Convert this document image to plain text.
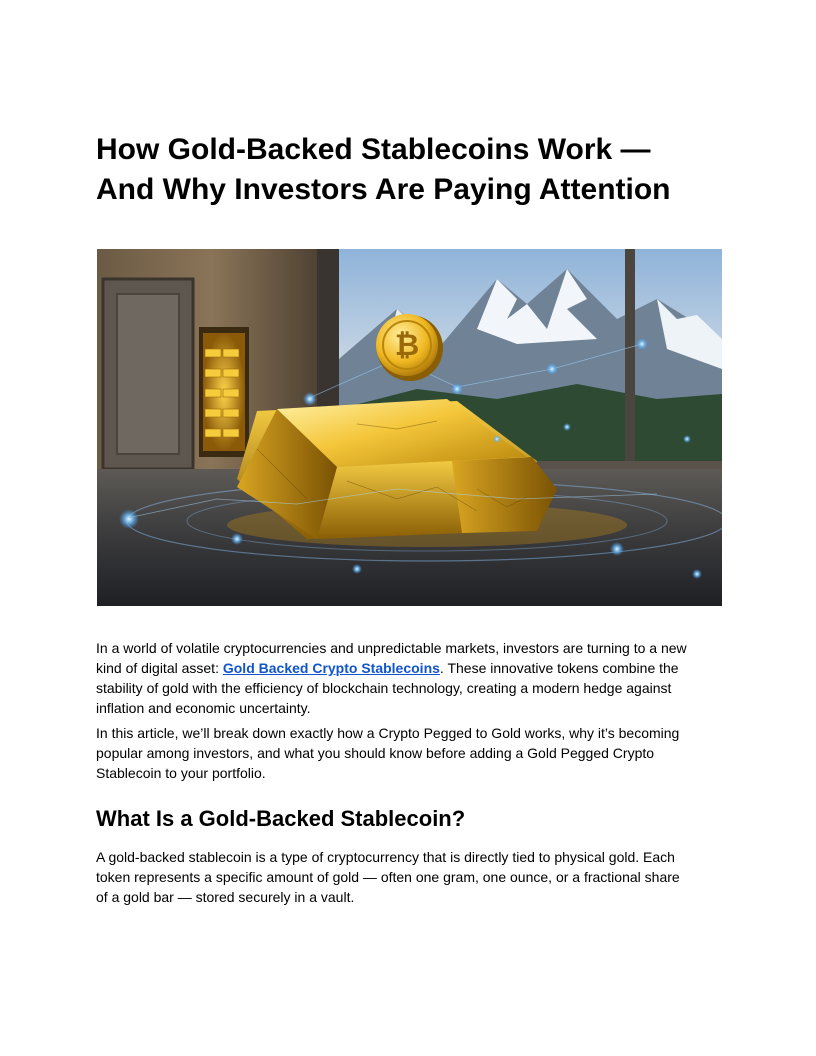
How Gold-Backed Stablecoins Work —
And Why Investors Are Paying Attention
₿

In a world of volatile cryptocurrencies and unpredictable markets, investors are turning to a new
kind of digital asset: Gold Backed Crypto Stablecoins. These innovative tokens combine the
stability of gold with the efficiency of blockchain technology, creating a modern hedge against
inflation and economic uncertainty.

In this article, we’ll break down exactly how a Crypto Pegged to Gold works, why it’s becoming
popular among investors, and what you should know before adding a Gold Pegged Crypto
Stablecoin to your portfolio.

What Is a Gold-Backed Stablecoin?

A gold-backed stablecoin is a type of cryptocurrency that is directly tied to physical gold. Each
token represents a specific amount of gold — often one gram, one ounce, or a fractional share
of a gold bar — stored securely in a vault.
